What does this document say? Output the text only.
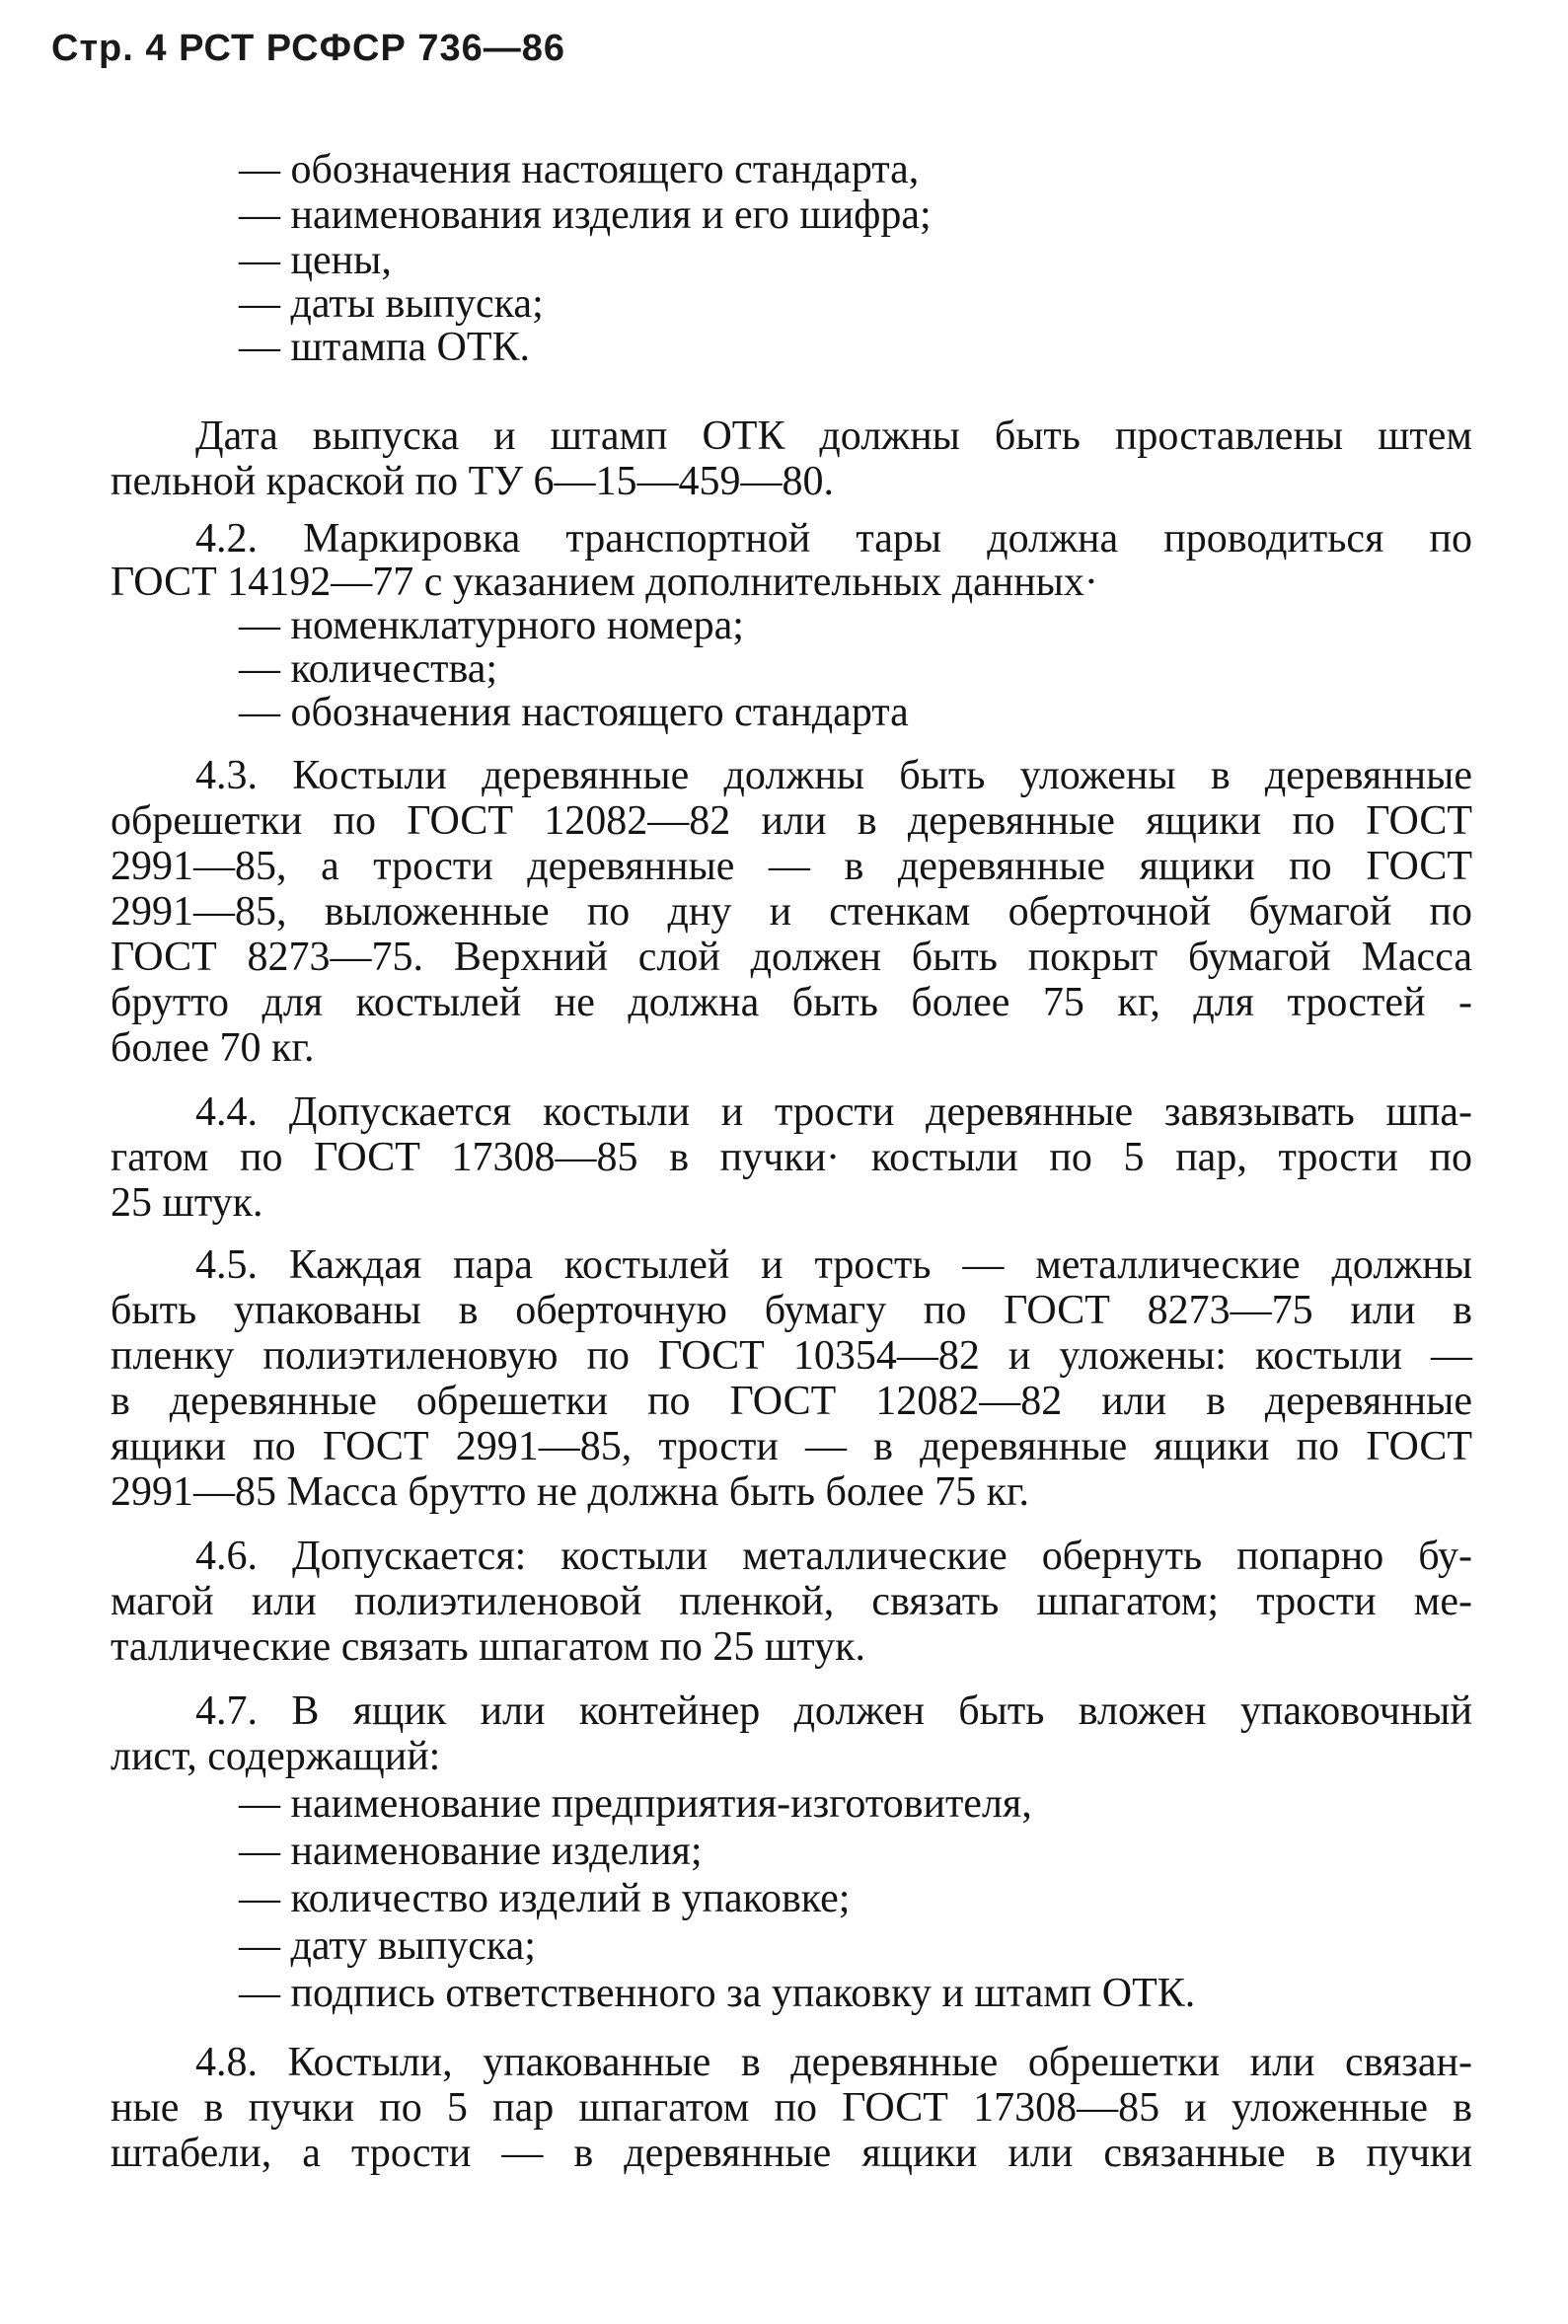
Стр. 4 РСТ РСФСР 736—86
— обозначения настоящего стандарта,
— наименования изделия и его шифра;
— цены,
— даты выпуска;
— штампа ОТК.
Дата выпуска и штамп ОТК должны быть проставлены штем
пельной краской по ТУ 6—15—459—80.
4.2. Маркировка транспортной тары должна проводиться по
ГОСТ 14192—77 с указанием дополнительных данных·
— номенклатурного номера;
— количества;
— обозначения настоящего стандарта
4.3. Костыли деревянные должны быть уложены в деревянные
обрешетки по ГОСТ 12082—82 или в деревянные ящики по ГОСТ
2991—85, а трости деревянные — в деревянные ящики по ГОСТ
2991—85, выложенные по дну и стенкам оберточной бумагой по
ГОСТ 8273—75. Верхний слой должен быть покрыт бумагой Масса
брутто для костылей не должна быть более 75 кг, для тростей -
более 70 кг.
4.4. Допускается костыли и трости деревянные завязывать шпа-
гатом по ГОСТ 17308—85 в пучки· костыли по 5 пар, трости по
25 штук.
4.5. Каждая пара костылей и трость — металлические должны
быть упакованы в оберточную бумагу по ГОСТ 8273—75 или в
пленку полиэтиленовую по ГОСТ 10354—82 и уложены: костыли —
в деревянные обрешетки по ГОСТ 12082—82 или в деревянные
ящики по ГОСТ 2991—85, трости — в деревянные ящики по ГОСТ
2991—85 Масса брутто не должна быть более 75 кг.
4.6. Допускается: костыли металлические обернуть попарно бу-
магой или полиэтиленовой пленкой, связать шпагатом; трости ме-
таллические связать шпагатом по 25 штук.
4.7. В ящик или контейнер должен быть вложен упаковочный
лист, содержащий:
— наименование предприятия-изготовителя,
— наименование изделия;
— количество изделий в упаковке;
— дату выпуска;
— подпись ответственного за упаковку и штамп ОТК.
4.8. Костыли, упакованные в деревянные обрешетки или связан-
ные в пучки по 5 пар шпагатом по ГОСТ 17308—85 и уложенные в
штабели, а трости — в деревянные ящики или связанные в пучки
